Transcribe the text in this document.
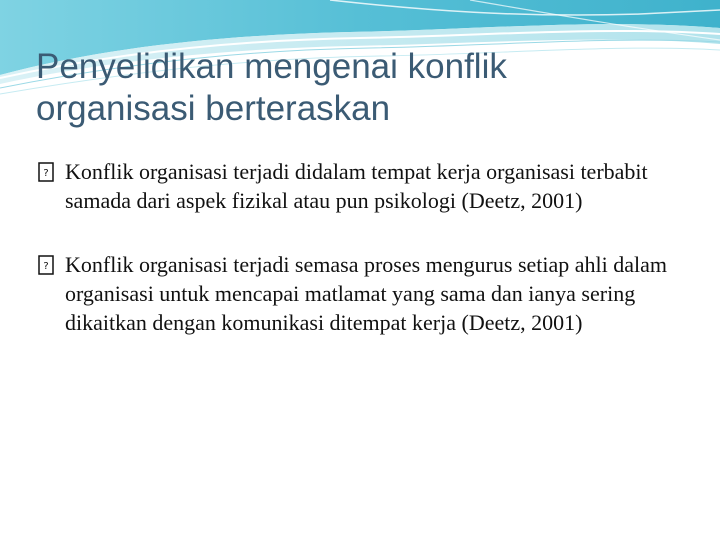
Penyelidikan mengenai konflik
organisasi berteraskan
? Konflik organisasi terjadi didalam tempat kerja organisasi terbabit samada dari aspek fizikal atau pun psikologi (Deetz, 2001)
? Konflik organisasi terjadi semasa proses mengurus setiap ahli dalam organisasi untuk mencapai matlamat yang sama dan ianya sering dikaitkan dengan komunikasi ditempat kerja (Deetz, 2001)
